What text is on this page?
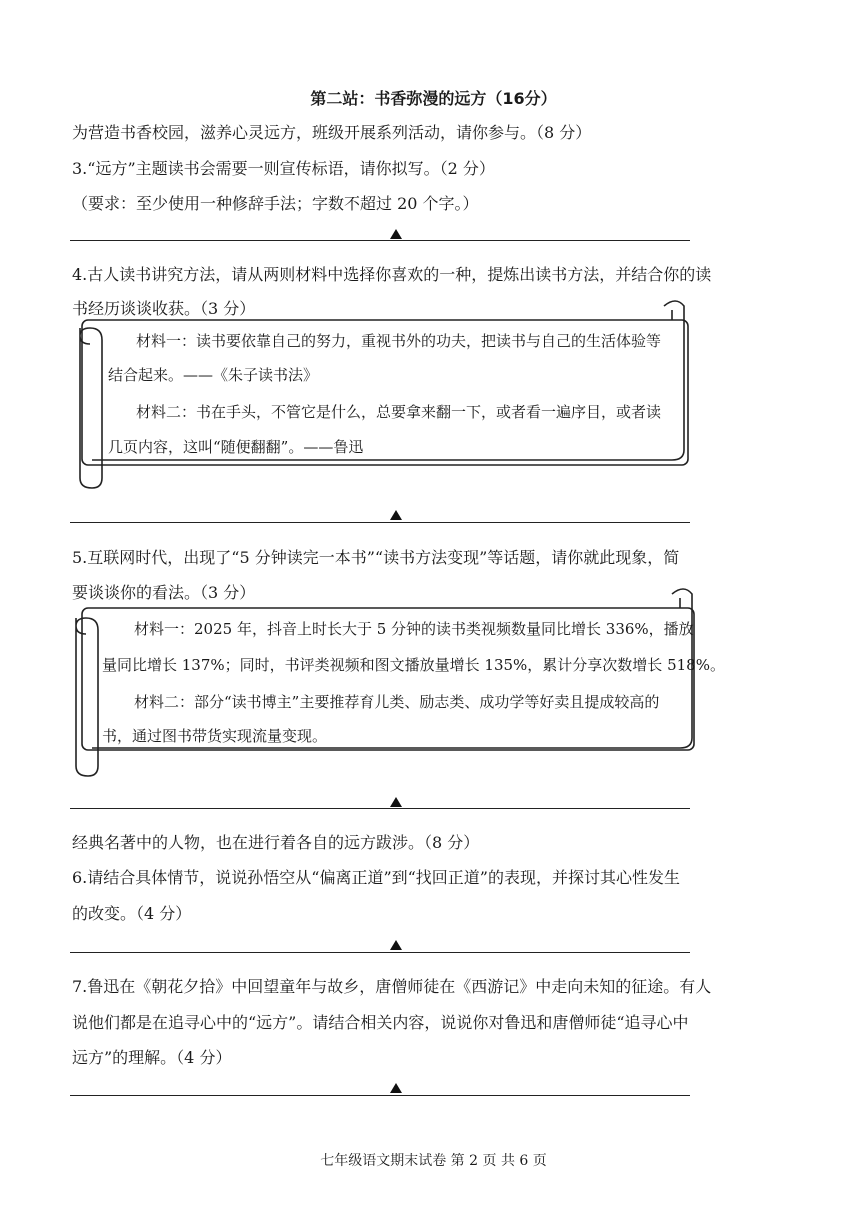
第二站：书香弥漫的远方（16分）
为营造书香校园，滋养心灵远方，班级开展系列活动，请你参与。（8 分）
3.“远方”主题读书会需要一则宣传标语，请你拟写。（2 分）
（要求：至少使用一种修辞手法；字数不超过 20 个字。）
4.古人读书讲究方法，请从两则材料中选择你喜欢的一种，提炼出读书方法，并结合你的读
书经历谈谈收获。（3 分）
材料一：读书要依靠自己的努力，重视书外的功夫，把读书与自己的生活体验等
结合起来。——《朱子读书法》
材料二：书在手头，不管它是什么，总要拿来翻一下，或者看一遍序目，或者读
几页内容，这叫“随便翻翻”。——鲁迅
5.互联网时代，出现了“5 分钟读完一本书”“读书方法变现”等话题，请你就此现象，简
要谈谈你的看法。（3 分）
材料一：2025 年，抖音上时长大于 5 分钟的读书类视频数量同比增长 336%，播放
量同比增长 137%；同时，书评类视频和图文播放量增长 135%，累计分享次数增长 518%。
材料二：部分“读书博主”主要推荐育儿类、励志类、成功学等好卖且提成较高的
书，通过图书带货实现流量变现。
经典名著中的人物，也在进行着各自的远方跋涉。（8 分）
6.请结合具体情节，说说孙悟空从“偏离正道”到“找回正道”的表现，并探讨其心性发生
的改变。（4 分）
7.鲁迅在《朝花夕拾》中回望童年与故乡，唐僧师徒在《西游记》中走向未知的征途。有人
说他们都是在追寻心中的“远方”。请结合相关内容，说说你对鲁迅和唐僧师徒“追寻心中
远方”的理解。（4 分）
七年级语文期末试卷 第 2 页 共 6 页
